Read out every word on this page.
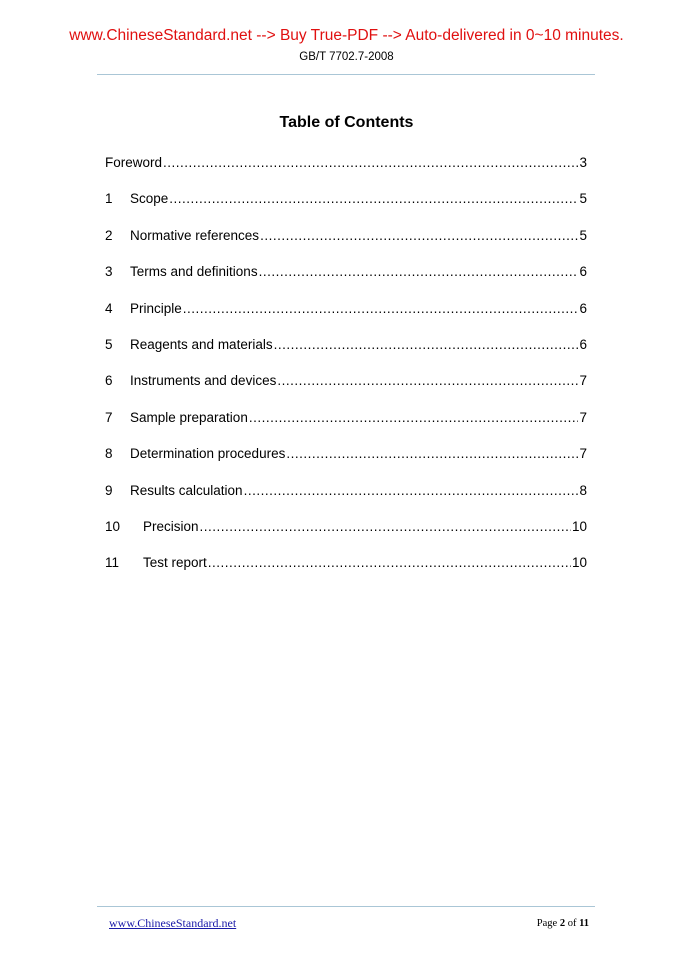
www.ChineseStandard.net --> Buy True-PDF --> Auto-delivered in 0~10 minutes.
GB/T 7702.7-2008
Table of Contents
Foreword .....	3
1	Scope .....	5
2	Normative references .....	5
3	Terms and definitions .....	6
4	Principle .....	6
5	Reagents and materials .....	6
6	Instruments and devices .....	7
7	Sample preparation .....	7
8	Determination procedures .....	7
9	Results calculation .....	8
10	Precision .....	10
11	Test report .....	10
www.ChineseStandard.net	Page 2 of 11
